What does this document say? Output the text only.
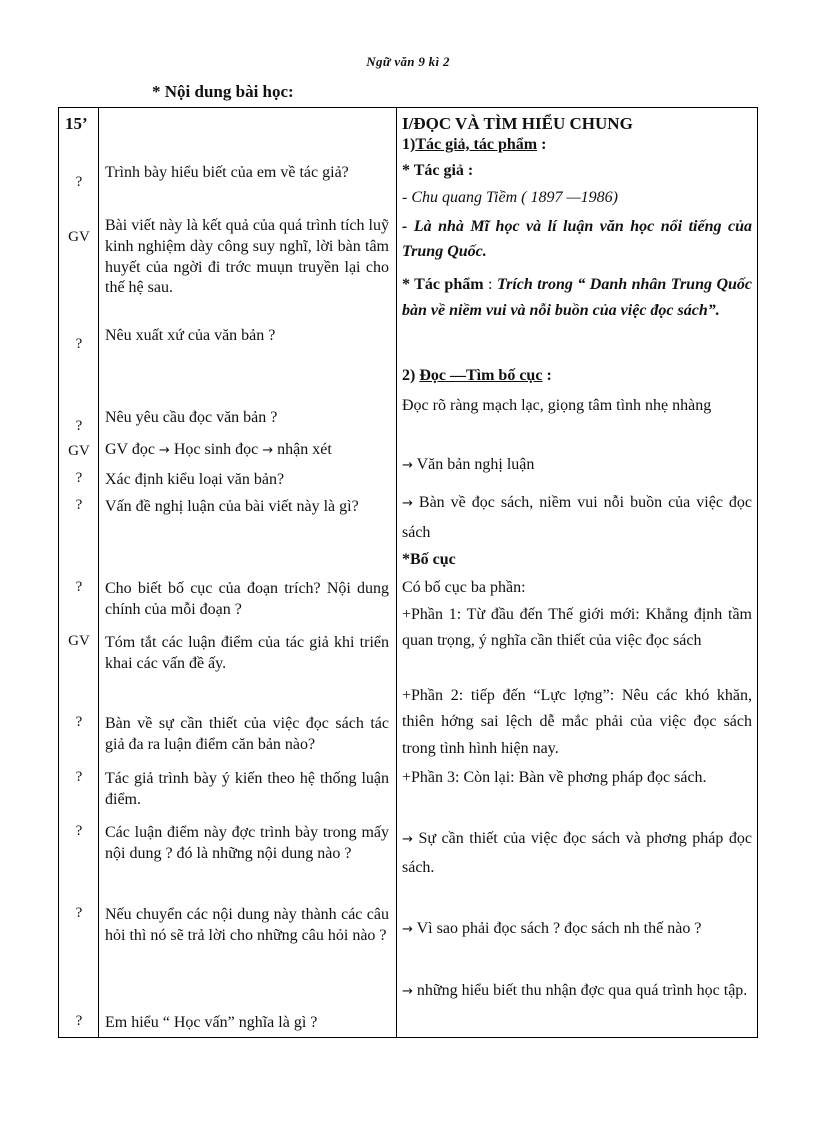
Ngữ văn 9 kì 2
* Nội dung bài học:
15’
?
GV
?
?
GV
?
?
?
GV
?
?
?
?
?
Trình bày hiểu biết của em về tác giả?
Bài viết này là kết quả của quá trình tích luỹ kinh nghiệm dày công suy nghĩ, lời bàn tâm huyết của ngời đi trớc muụn truyền lại cho thế hệ sau.
Nêu xuất xứ của văn bản ?
Nêu yêu cầu đọc văn bản ?
GV đọc → Học sinh đọc → nhận xét
Xác định kiểu loại văn bản?
Vấn đề nghị luận của bài viết này là gì?
Cho biết bố cục của đoạn trích? Nội dung chính của mỗi đoạn ?
Tóm tắt các luận điểm của tác giả khi triển khai các vấn đề ấy.
Bàn về sự cần thiết của việc đọc sách tác giả đa ra luận điểm căn bản nào?
Tác giả trình bày ý kiến theo hệ thống luận điểm.
Các luận điểm này đợc trình bày trong mấy nội dung ? đó là những nội dung nào ?
Nếu chuyển các nội dung này thành các câu hỏi thì nó sẽ trả lời cho những câu hỏi nào ?
Em hiểu “ Học vấn” nghĩa là gì ?
I/ĐỌC VÀ TÌM HIỂU CHUNG
1)Tác giả, tác phẩm :
* Tác giả :
- Chu quang Tiềm ( 1897 —1986)
- Là nhà Mĩ học và lí luận văn học nổi tiếng của Trung Quốc.
* Tác phẩm : Trích trong “ Danh nhân Trung Quốc bàn về niềm vui và nỗi buồn của việc đọc sách”.
2) Đọc —Tìm bố cục :
Đọc rõ ràng mạch lạc, giọng tâm tình nhẹ nhàng
→ Văn bản nghị luận
→ Bàn về đọc sách, niềm vui nỗi buồn của việc đọc sách
*Bố cục
Có bố cục ba phần:
+Phần 1: Từ đầu đến Thế giới mới: Khẳng định tầm quan trọng, ý nghĩa cần thiết của việc đọc sách
+Phần 2: tiếp đến “Lực lợng”: Nêu các khó khăn, thiên hớng sai lệch dễ mắc phải của việc đọc sách trong tình hình hiện nay.
+Phần 3: Còn lại: Bàn về phơng pháp đọc sách.
→ Sự cần thiết của việc đọc sách và phơng pháp đọc sách.
→ Vì sao phải đọc sách ? đọc sách nh thế nào ?
→ những hiểu biết thu nhận đợc qua quá trình học tập.
